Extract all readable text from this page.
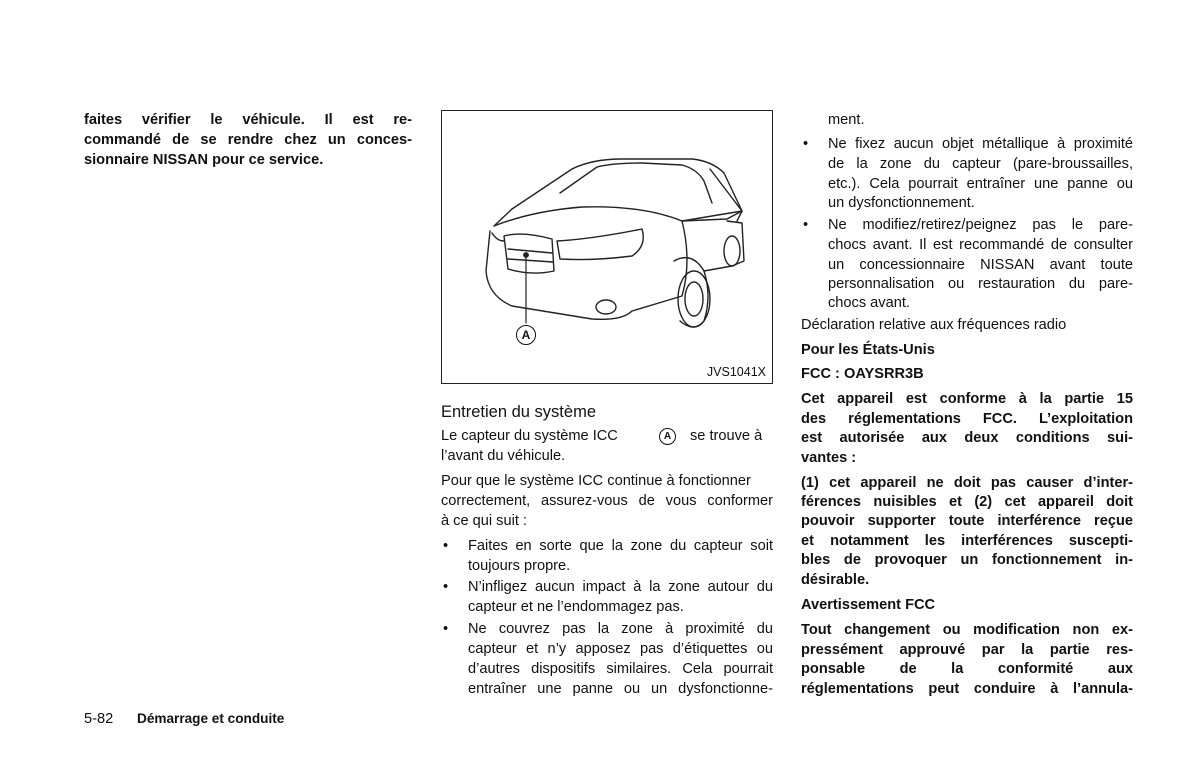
faites vérifier le véhicule. Il est re-
commandé de se rendre chez un conces-
sionnaire NISSAN pour ce service.
A
JVS1041X
Entretien du système
Le capteur du système ICC	A	se trouve à
l’avant du véhicule.
Pour que le système ICC continue à fonctionner
correctement, assurez-vous de vous conformer
à ce qui suit :
• Faites en sorte que la zone du capteur soit
toujours propre.
• N’infligez aucun impact à la zone autour du
capteur et ne l’endommagez pas.
• Ne couvrez pas la zone à proximité du
capteur et n’y apposez pas d’étiquettes ou
d’autres dispositifs similaires. Cela pourrait
entraîner une panne ou un dysfonctionne-
ment.
• Ne fixez aucun objet métallique à proximité
de la zone du capteur (pare-broussailles,
etc.). Cela pourrait entraîner une panne ou
un dysfonctionnement.
• Ne modifiez/retirez/peignez pas le pare-
chocs avant. Il est recommandé de consulter
un concessionnaire NISSAN avant toute
personnalisation ou restauration du pare-
chocs avant.
Déclaration relative aux fréquences radio
Pour les États-Unis
FCC : OAYSRR3B
Cet appareil est conforme à la partie 15
des réglementations FCC. L’exploitation
est autorisée aux deux conditions sui-
vantes :
(1) cet appareil ne doit pas causer d’inter-
férences nuisibles et (2) cet appareil doit
pouvoir supporter toute interférence reçue
et notamment les interférences suscepti-
bles de provoquer un fonctionnement in-
désirable.
Avertissement FCC
Tout changement ou modification non ex-
pressément approuvé par la partie res-
ponsable de la conformité aux
réglementations peut conduire à l’annula-
5-82 Démarrage et conduite
